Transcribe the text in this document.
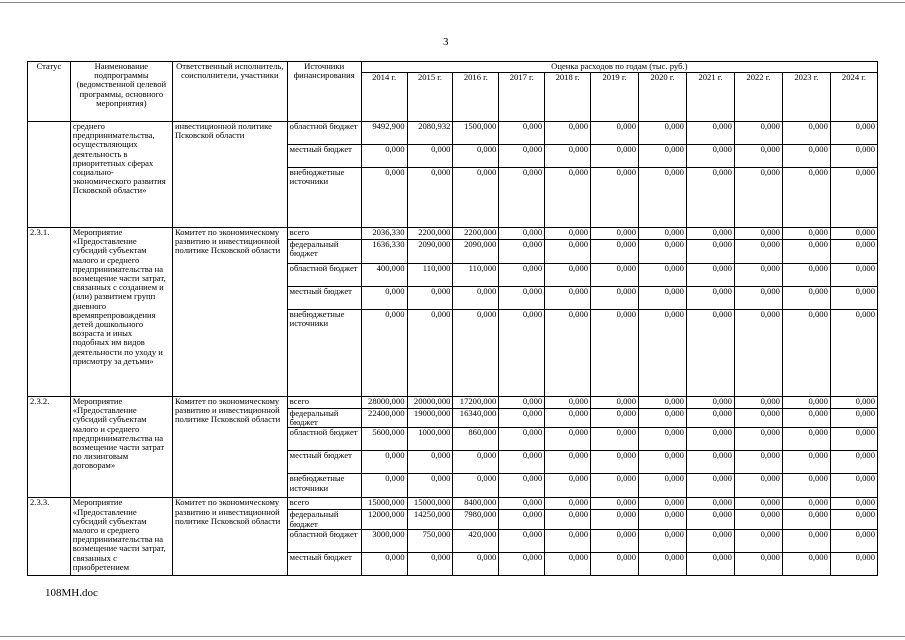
3
Статус	Наименование подпрограммы (ведомственной целевой программы, основного мероприятия)	Ответственный исполнитель, соисполнители, участники	Источники финансирования	Оценка расходов по годам (тыс. руб.)										
				2014 г.	2015 г.	2016 г.	2017 г.	2018 г.	2019 г.	2020 г.	2021 г.	2022 г.	2023 г.	2024 г.
	среднего предпринимательства, осуществляющих деятельность в приоритетных сферах социально-экономического развития Псковской области»	инвестиционной политике Псковской области	областной бюджет	9492,900	2080,932	1500,000	0,000	0,000	0,000	0,000	0,000	0,000	0,000	0,000
			местный бюджет	0,000	0,000	0,000	0,000	0,000	0,000	0,000	0,000	0,000	0,000	0,000
			внебюджетные источники	0,000	0,000	0,000	0,000	0,000	0,000	0,000	0,000	0,000	0,000	0,000
2.3.1.	Мероприятие «Предоставление субсидий субъектам малого и среднего предпринимательства на возмещение части затрат, связанных с созданием и (или) развитием групп дневного времяпрепровождения детей дошкольного возраста и иных подобных им видов деятельности по уходу и присмотру за детьми»	Комитет по экономическому развитию и инвестиционной политике Псковской области	всего	2036,330	2200,000	2200,000	0,000	0,000	0,000	0,000	0,000	0,000	0,000	0,000
			федеральный бюджет	1636,330	2090,000	2090,000	0,000	0,000	0,000	0,000	0,000	0,000	0,000	0,000
			областной бюджет	400,000	110,000	110,000	0,000	0,000	0,000	0,000	0,000	0,000	0,000	0,000
			местный бюджет	0,000	0,000	0,000	0,000	0,000	0,000	0,000	0,000	0,000	0,000	0,000
			внебюджетные источники	0,000	0,000	0,000	0,000	0,000	0,000	0,000	0,000	0,000	0,000	0,000
2.3.2.	Мероприятие «Предоставление субсидий субъектам малого и среднего предпринимательства на возмещение части затрат по лизинговым договорам»	Комитет по экономическому развитию и инвестиционной политике Псковской области	всего	28000,000	20000,000	17200,000	0,000	0,000	0,000	0,000	0,000	0,000	0,000	0,000
			федеральный бюджет	22400,000	19000,000	16340,000	0,000	0,000	0,000	0,000	0,000	0,000	0,000	0,000
			областной бюджет	5600,000	1000,000	860,000	0,000	0,000	0,000	0,000	0,000	0,000	0,000	0,000
			местный бюджет	0,000	0,000	0,000	0,000	0,000	0,000	0,000	0,000	0,000	0,000	0,000
			внебюджетные источники	0,000	0,000	0,000	0,000	0,000	0,000	0,000	0,000	0,000	0,000	0,000
2.3.3.	Мероприятие «Предоставление субсидий субъектам малого и среднего предпринимательства на возмещение части затрат, связанных с приобретением	Комитет по экономическому развитию и инвестиционной политике Псковской области	всего	15000,000	15000,000	8400,000	0,000	0,000	0,000	0,000	0,000	0,000	0,000	0,000
			федеральный бюджет	12000,000	14250,000	7980,000	0,000	0,000	0,000	0,000	0,000	0,000	0,000	0,000
			областной бюджет	3000,000	750,000	420,000	0,000	0,000	0,000	0,000	0,000	0,000	0,000	0,000
			местный бюджет	0,000	0,000	0,000	0,000	0,000	0,000	0,000	0,000	0,000	0,000	0,000
108МН.doc
